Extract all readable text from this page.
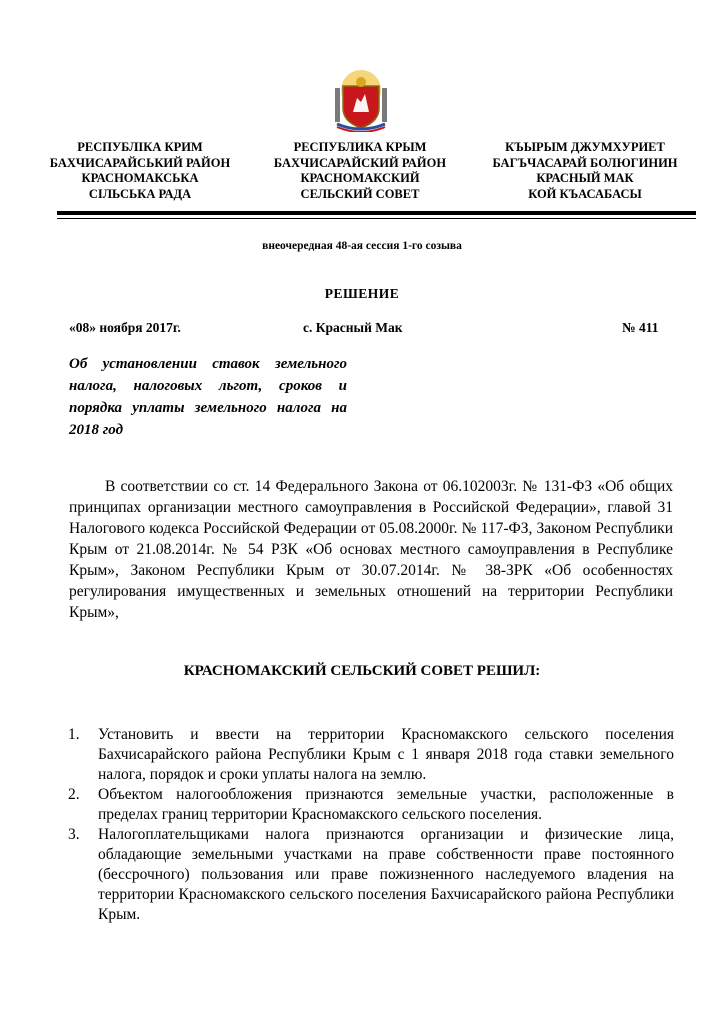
РЕСПУБЛІКА КРИМ
БАХЧИСАРАЙСЬКИЙ РАЙОН
КРАСНОМАКСЬКА
СІЛЬСЬКА РАДА
РЕСПУБЛИКА КРЫМ
БАХЧИСАРАЙСКИЙ РАЙОН
КРАСНОМАКСКИЙ
СЕЛЬСКИЙ СОВЕТ
КЪЫРЫМ ДЖУМХУРИЕТ
БАГЪЧАСАРАЙ БОЛЮГИНИН
КРАСНЫЙ МАК
КОЙ КЪАСАБАСЫ
внеочередная 48-ая сессия 1-го созыва
РЕШЕНИЕ
«08» ноября 2017г.	с. Красный Мак	№ 411
Об установлении ставок земельного налога, налоговых льгот, сроков и порядка уплаты земельного налога на 2018 год
В соответствии со ст. 14 Федерального Закона от 06.102003г. № 131-ФЗ «Об общих принципах организации местного самоуправления в Российской Федерации», главой 31 Налогового кодекса Российской Федерации от 05.08.2000г. № 117-ФЗ, Законом Республики Крым от 21.08.2014г. № 54 РЗК «Об основах местного самоуправления в Республике Крым», Законом Республики Крым от 30.07.2014г. № 38-ЗРК «Об особенностях регулирования имущественных и земельных отношений на территории Республики Крым»,
КРАСНОМАКСКИЙ СЕЛЬСКИЙ СОВЕТ РЕШИЛ:
1.	Установить и ввести на территории Красномакского сельского поселения Бахчисарайского района Республики Крым с 1 января 2018 года ставки земельного налога, порядок и сроки уплаты налога на землю.
2.	Объектом налогообложения признаются земельные участки, расположенные в пределах границ территории Красномакского сельского поселения.
3.	Налогоплательщиками налога признаются организации и физические лица, обладающие земельными участками на праве собственности праве постоянного (бессрочного) пользования или праве пожизненного наследуемого владения на территории Красномакского сельского поселения Бахчисарайского района Республики Крым.
